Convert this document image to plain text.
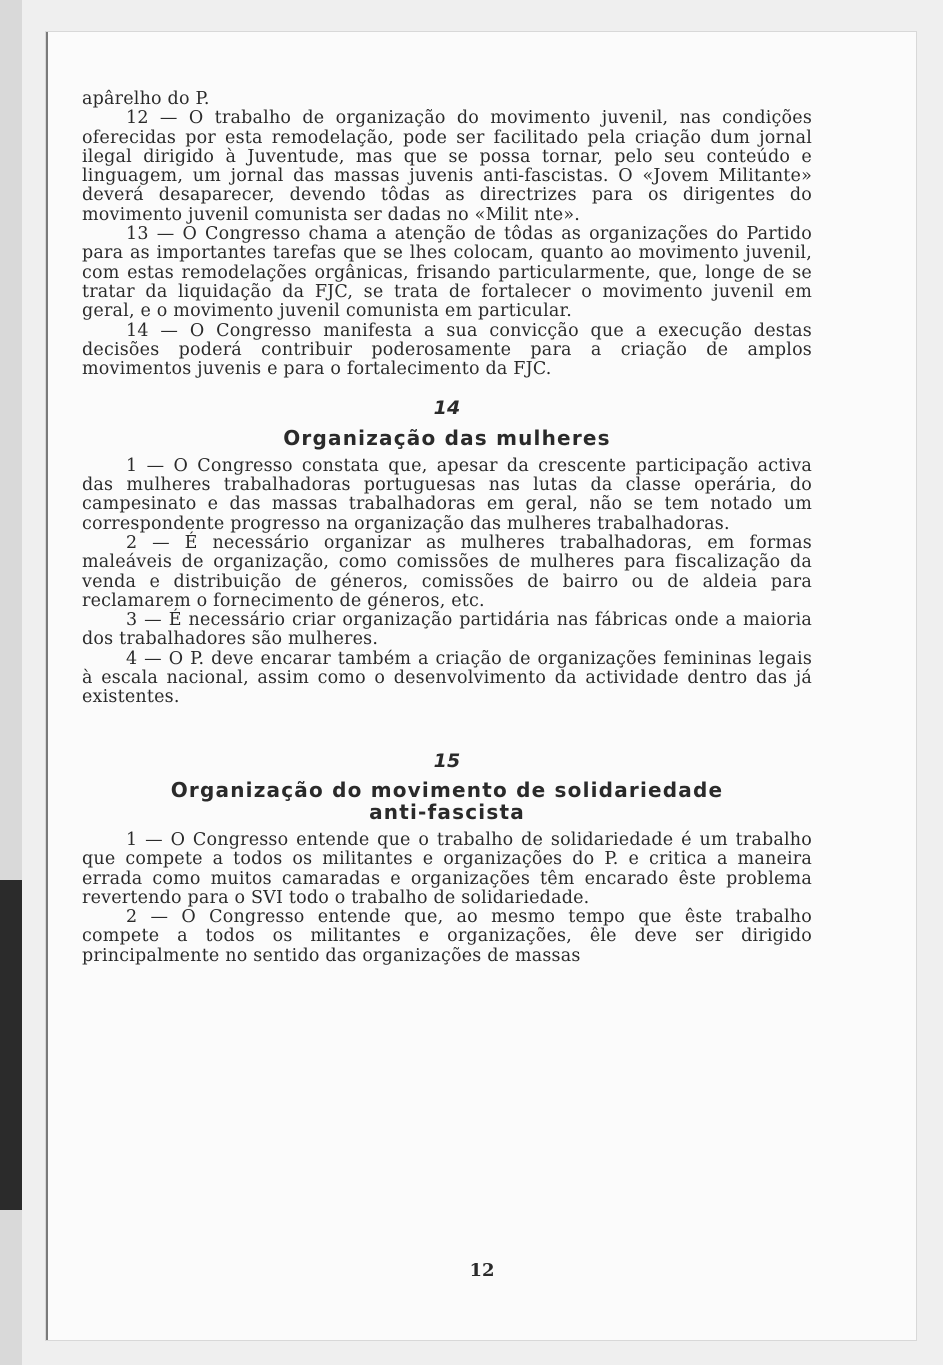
apârelho do P.

12 — O trabalho de organização do movimento juvenil, nas condições oferecidas por esta remodelação, pode ser facilitado pela criação dum jornal ilegal dirigido à Juventude, mas que se possa tornar, pelo seu conteúdo e linguagem, um jornal das massas juvenis anti-fascistas. O «Jovem Militante» deverá desaparecer, devendo tôdas as directrizes para os dirigentes do movimento juvenil comunista ser dadas no «Milit nte».

13 — O Congresso chama a atenção de tôdas as organizações do Partido para as importantes tarefas que se lhes colocam, quanto ao movimento juvenil, com estas remodelações orgânicas, frisando particularmente, que, longe de se tratar da liquidação da FJC, se trata de fortalecer o movimento juvenil em geral, e o movimento juvenil comunista em particular.

14 — O Congresso manifesta a sua convicção que a execução destas decisões poderá contribuir poderosamente para a criação de amplos movimentos juvenis e para o fortalecimento da FJC.

14
Organização das mulheres

1 — O Congresso constata que, apesar da crescente participação activa das mulheres trabalhadoras portuguesas nas lutas da classe operária, do campesinato e das massas trabalhadoras em geral, não se tem notado um correspondente progresso na organização das mulheres trabalhadoras.

2 — É necessário organizar as mulheres trabalhadoras, em formas maleáveis de organização, como comissões de mulheres para fiscalização da venda e distribuição de géneros, comissões de bairro ou de aldeia para reclamarem o fornecimento de géneros, etc.

3 — É necessário criar organização partidária nas fábricas onde a maioria dos trabalhadores são mulheres.

4 — O P. deve encarar também a criação de organizações femininas legais à escala nacional, assim como o desenvolvimento da actividade dentro das já existentes.

15
Organização do movimento de solidariedade
anti-fascista

1 — O Congresso entende que o trabalho de solidariedade é um trabalho que compete a todos os militantes e organizações do P. e critica a maneira errada como muitos camaradas e organizações têm encarado êste problema revertendo para o SVI todo o trabalho de solidariedade.

2 — O Congresso entende que, ao mesmo tempo que êste trabalho compete a todos os militantes e organizações, êle deve ser dirigido principalmente no sentido das organizações de massas

12
